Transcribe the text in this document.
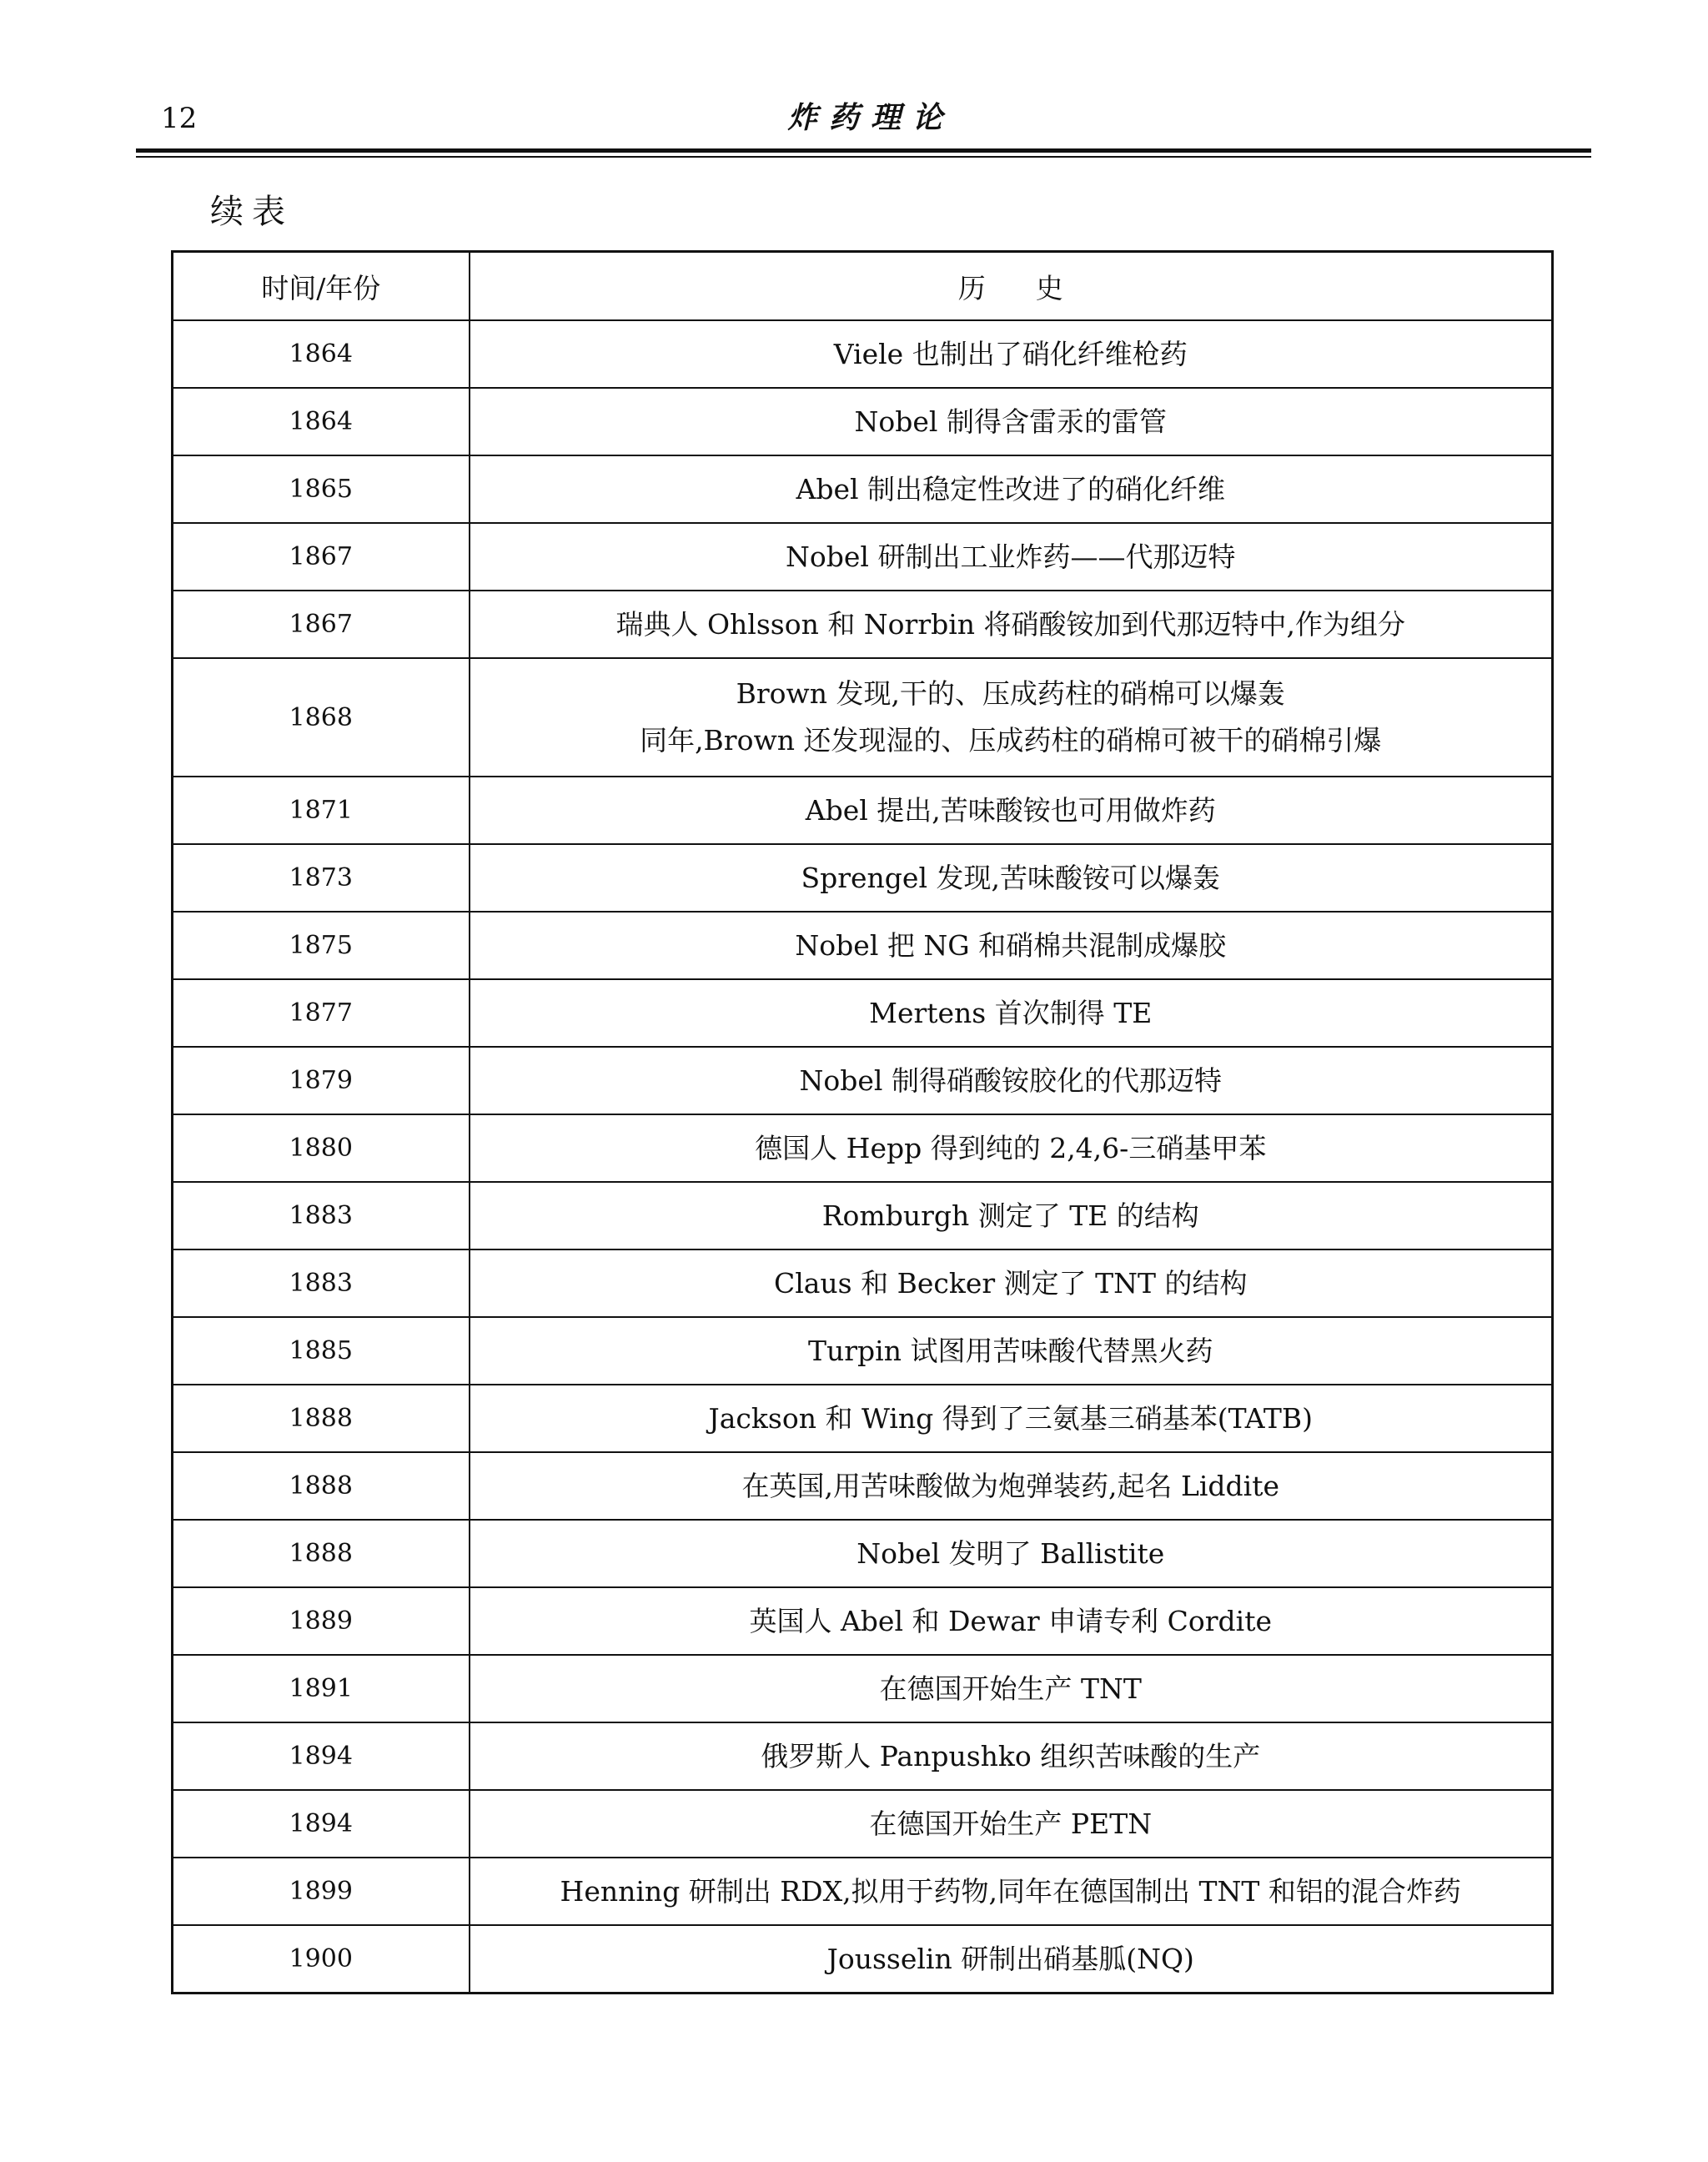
12	炸药理论
续表
时间/年份	历史
1864	Viele 也制出了硝化纤维枪药

1864	Nobel 制得含雷汞的雷管

1865	Abel 制出稳定性改进了的硝化纤维

1867	Nobel 研制出工业炸药——代那迈特

1867	瑞典人 Ohlsson 和 Norrbin 将硝酸铵加到代那迈特中,作为组分

1868	Brown 发现,干的、压成药柱的硝棉可以爆轰
同年,Brown 还发现湿的、压成药柱的硝棉可被干的硝棉引爆

1871	Abel 提出,苦味酸铵也可用做炸药

1873	Sprengel 发现,苦味酸铵可以爆轰

1875	Nobel 把 NG 和硝棉共混制成爆胶

1877	Mertens 首次制得 TE

1879	Nobel 制得硝酸铵胶化的代那迈特

1880	德国人 Hepp 得到纯的 2,4,6-三硝基甲苯

1883	Romburgh 测定了 TE 的结构

1883	Claus 和 Becker 测定了 TNT 的结构

1885	Turpin 试图用苦味酸代替黑火药

1888	Jackson 和 Wing 得到了三氨基三硝基苯(TATB)

1888	在英国,用苦味酸做为炮弹装药,起名 Liddite

1888	Nobel 发明了 Ballistite

1889	英国人 Abel 和 Dewar 申请专利 Cordite

1891	在德国开始生产 TNT

1894	俄罗斯人 Panpushko 组织苦味酸的生产

1894	在德国开始生产 PETN

1899	Henning 研制出 RDX,拟用于药物,同年在德国制出 TNT 和铝的混合炸药

1900	Jousselin 研制出硝基胍(NQ)
